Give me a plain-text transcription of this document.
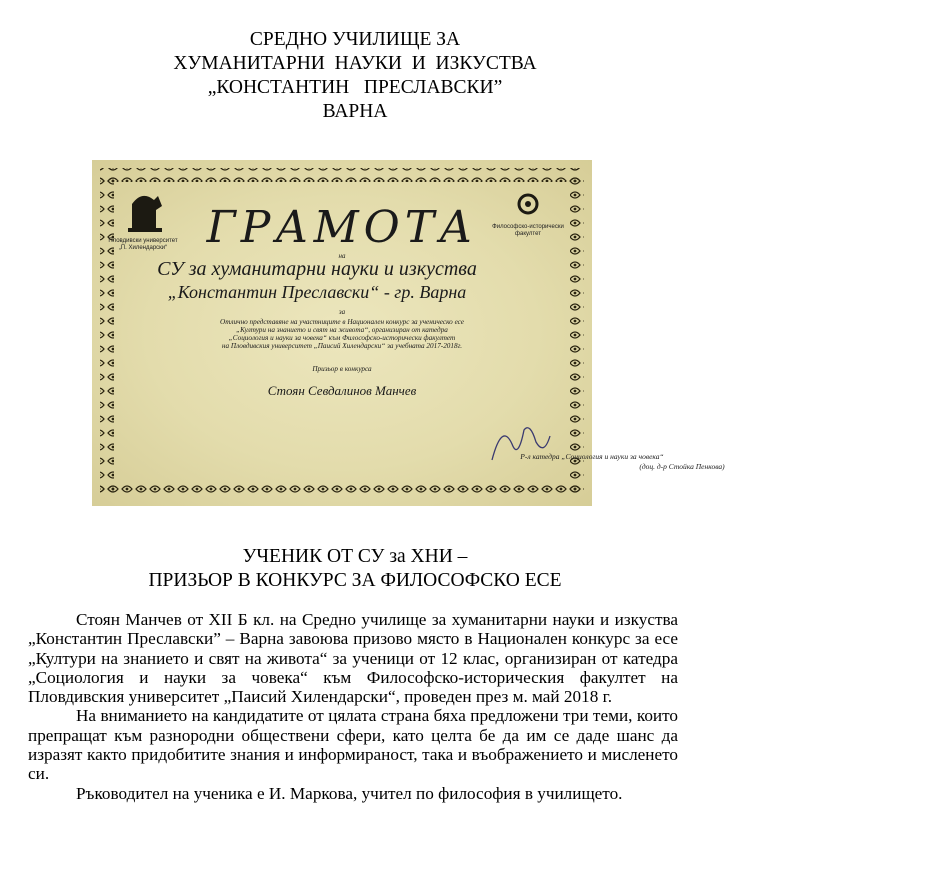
СРЕДНО УЧИЛИЩЕ ЗА
ХУМАНИТАРНИ  НАУКИ  И  ИЗКУСТВА
„КОНСТАНТИН   ПРЕСЛАВСКИ”
ВАРНА
Пловдивски университет
„П. Хилендарски“
Философско-исторически
факултет
ГРАМОТА
на
СУ за хуманитарни науки и изкуства
„Константин Преславски“ - гр. Варна
за
Отлично представяне на участниците в Национален конкурс за ученическо есе
„Култури на знанието и свят на живота“, организиран от катедра
„Социология и науки за човека“ към Философско-исторически факултет
на Пловдивския университет „Паисий Хилендарски“ за учебната 2017-2018г.
Призьор в конкурса
Стоян Севдалинов Манчев
Р-л катедра „Социология и науки за човека“
(доц. д-р Стойка Пенкова)
УЧЕНИК ОТ СУ за ХНИ –
ПРИЗЬОР В КОНКУРС ЗА ФИЛОСОФСКО ЕСЕ

Стоян Манчев от XII Б кл. на Средно училище за хуманитарни науки и изкуства „Константин Преславски” – Варна завоюва призово място в Национален конкурс за есе „Култури на знанието и свят на живота“ за ученици от 12 клас, организиран от катедра „Социология и науки за човека“ към Философско-историческия факултет на Пловдивския университет „Паисий Хилендарски“, проведен през м. май 2018 г.

На вниманието на кандидатите от цялата страна бяха предложени три теми, които препращат към разнородни обществени сфери, като целта бе да им се даде шанс да изразят както придобитите знания и информираност, така и въображението и мисленето си.

Ръководител на ученика е И. Маркова, учител по философия в училището.
